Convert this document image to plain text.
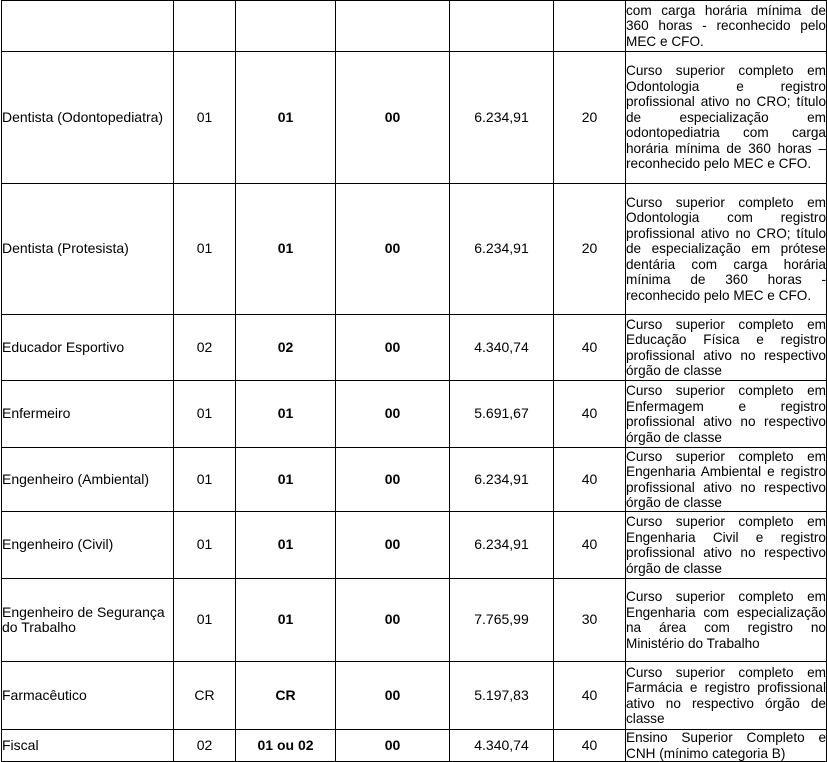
						com carga horária mínima de 360 horas - reconhecido pelo MEC e CFO.
Dentista (Odontopediatra)	01	01	00	6.234,91	20	Curso superior completo em Odontologia e registro profissional ativo no CRO; título de especialização em odontopediatria com carga horária mínima de 360 horas – reconhecido pelo MEC e CFO.
Dentista (Protesista)	01	01	00	6.234,91	20	Curso superior completo em Odontologia com registro profissional ativo no CRO; título de especialização em prótese dentária com carga horária mínima de 360 horas - reconhecido pelo MEC e CFO.
Educador Esportivo	02	02	00	4.340,74	40	Curso superior completo em Educação Física e registro profissional ativo no respectivo órgão de classe
Enfermeiro	01	01	00	5.691,67	40	Curso superior completo em Enfermagem e registro profissional ativo no respectivo órgão de classe
Engenheiro (Ambiental)	01	01	00	6.234,91	40	Curso superior completo em Engenharia Ambiental e registro profissional ativo no respectivo órgão de classe
Engenheiro (Civil)	01	01	00	6.234,91	40	Curso superior completo em Engenharia Civil e registro profissional ativo no respectivo órgão de classe
Engenheiro de Segurança do Trabalho	01	01	00	7.765,99	30	Curso superior completo em Engenharia com especialização na área com registro no Ministério do Trabalho
Farmacêutico	CR	CR	00	5.197,83	40	Curso superior completo em Farmácia e registro profissional ativo no respectivo órgão de classe
Fiscal	02	01 ou 02	00	4.340,74	40	Ensino Superior Completo e CNH (mínimo categoria B)
